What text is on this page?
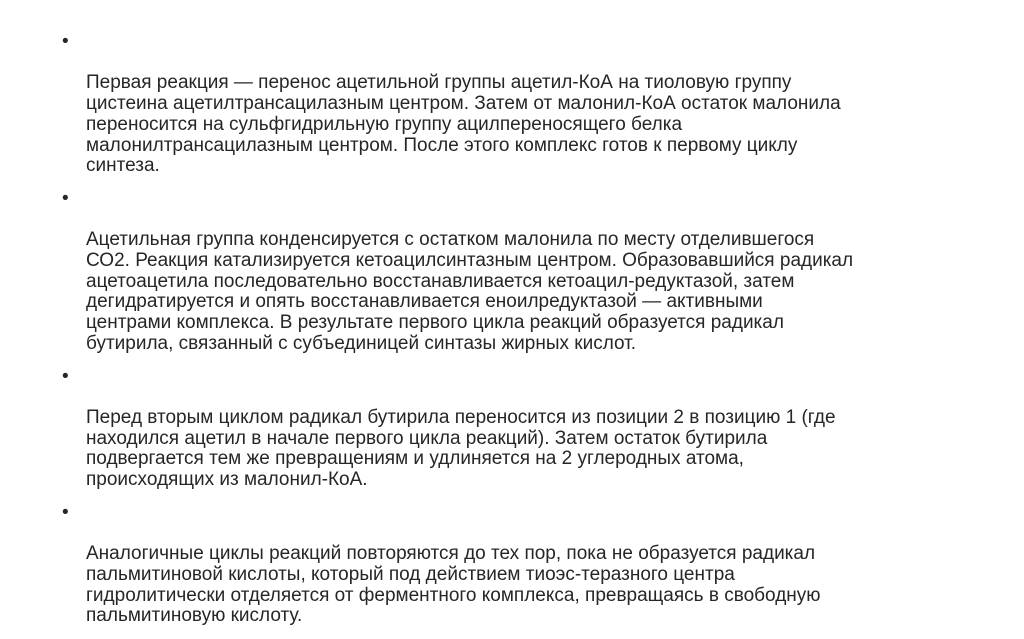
•

Первая реакция — перенос ацетильной группы ацетил-КоА на тиоловую группу
цистеина ацетилтрансацилазным центром. Затем от малонил-КоА остаток малонила
переносится на сульфгидрильную группу ацилпереносящего белка
малонилтрансацилазным центром. После этого комплекс готов к первому циклу
синтеза.

•

Ацетильная группа конденсируется с остатком малонила по месту отделившегося
СО2. Реакция катализируется кетоацилсинтазным центром. Образовавшийся радикал
ацетоацетила последовательно восстанавливается кетоацил-редуктазой, затем
дегидратируется и опять восстанавливается еноилредуктазой — активными
центрами комплекса. В результате первого цикла реакций образуется радикал
бутирила, связанный с субъединицей синтазы жирных кислот.

•

Перед вторым циклом радикал бутирила переносится из позиции 2 в позицию 1 (где
находился ацетил в начале первого цикла реакций). Затем остаток бутирила
подвергается тем же превращениям и удлиняется на 2 углеродных атома,
происходящих из малонил-КоА.

•

Аналогичные циклы реакций повторяются до тех пор, пока не образуется радикал
пальмитиновой кислоты, который под действием тиоэс-теразного центра
гидролитически отделяется от ферментного комплекса, превращаясь в свободную
пальмитиновую кислоту.
